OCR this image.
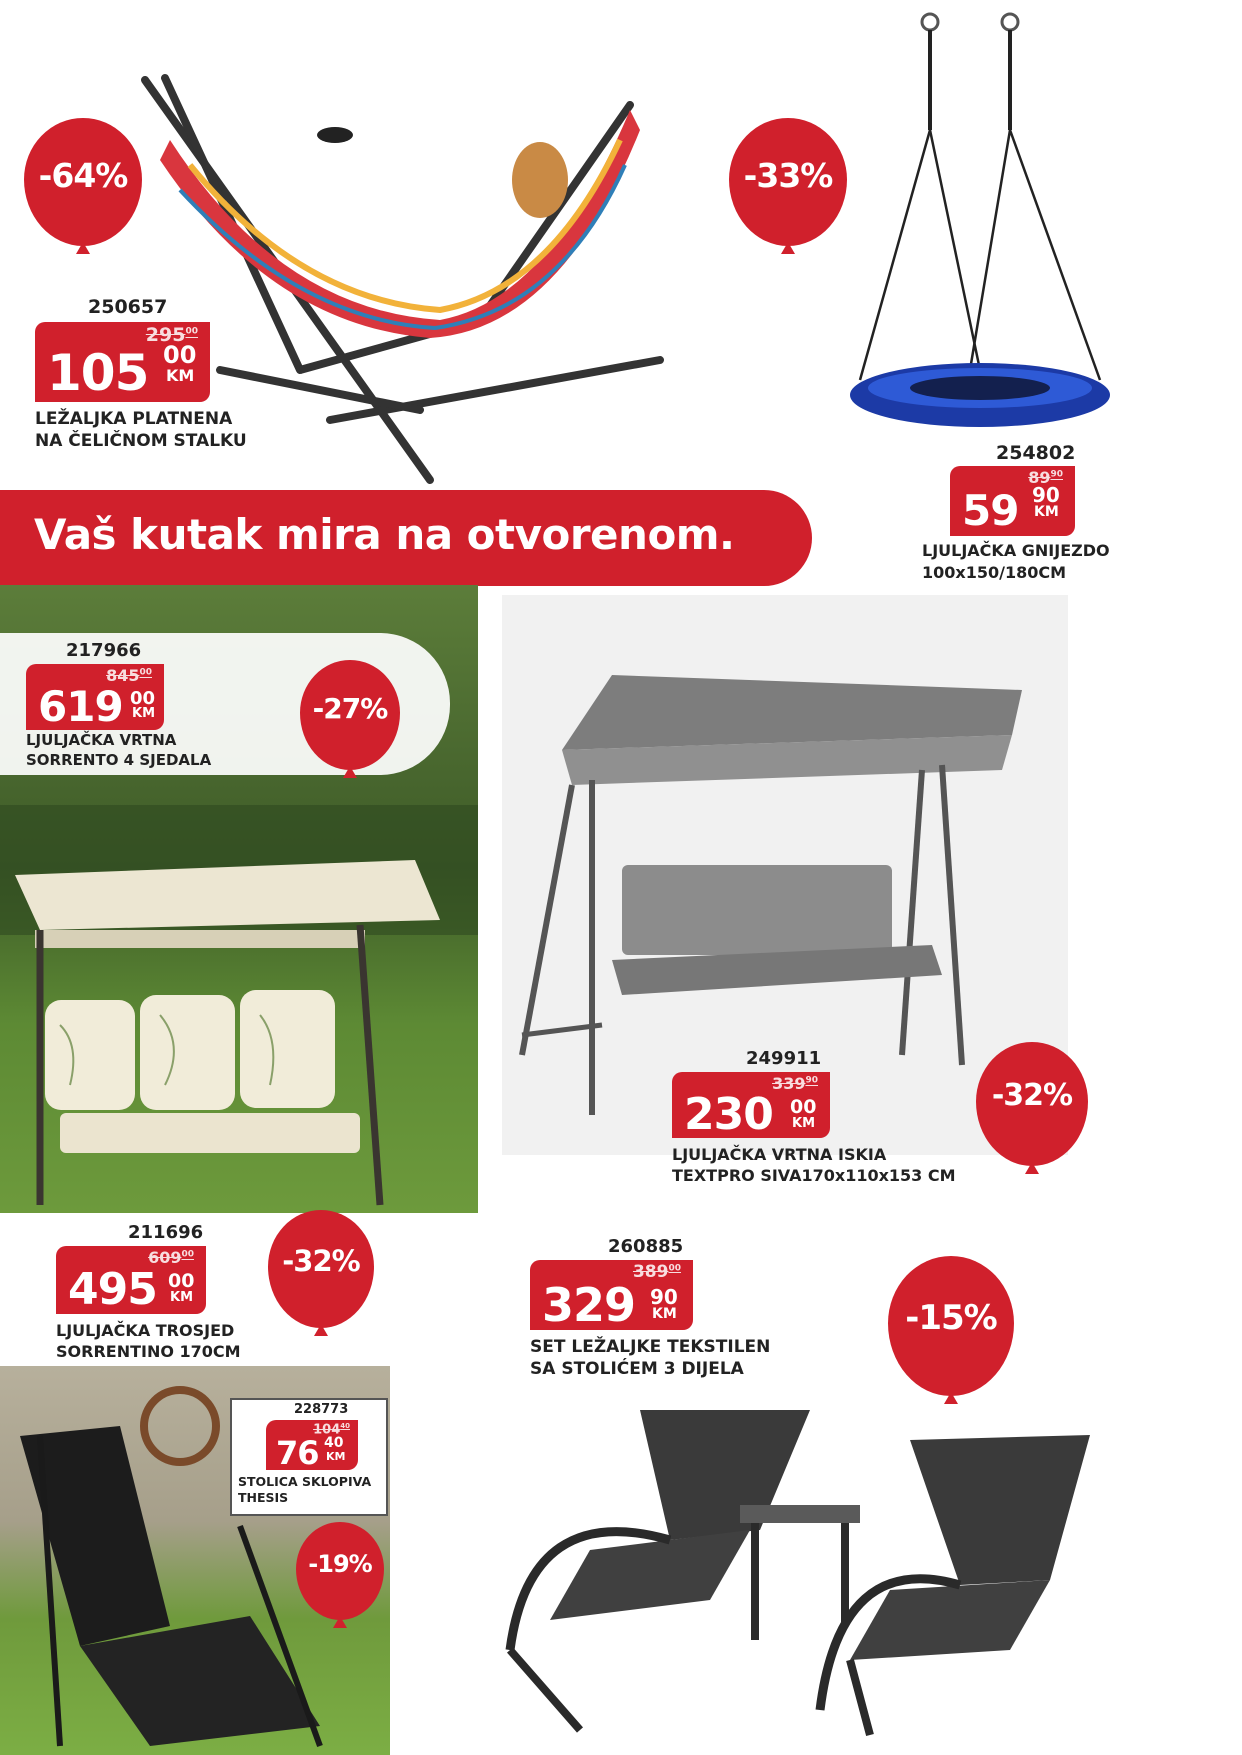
-64%
250657
$295^{00}$
105 00
KM
LEŽALJKA PLATNENA
NA ČELIČNOM STALKU
-33%
254802
$89^{90}$
59 90
KM
LJULJAČKA GNIJEZDO
100x150/180CM
Vaš kutak mira na otvorenom.
217966
$845^{00}$
619 00
KM
LJULJAČKA VRTNA
SORRENTO 4 SJEDALA
-27%
211696
$609^{00}$
495 00
KM
LJULJAČKA TROSJED
SORRENTINO 170CM
-32%
249911
$339^{90}$
230 00
KM
LJULJAČKA VRTNA ISKIA
TEXTPRO SIVA170x110x153 CM
-32%
260885
$389^{00}$
329 90
KM
SET LEŽALJKE TEKSTILEN
SA STOLIĆEM 3 DIJELA
-15%
228773
$104^{40}$
76 40
KM
STOLICA SKLOPIVA
THESIS
-19%
